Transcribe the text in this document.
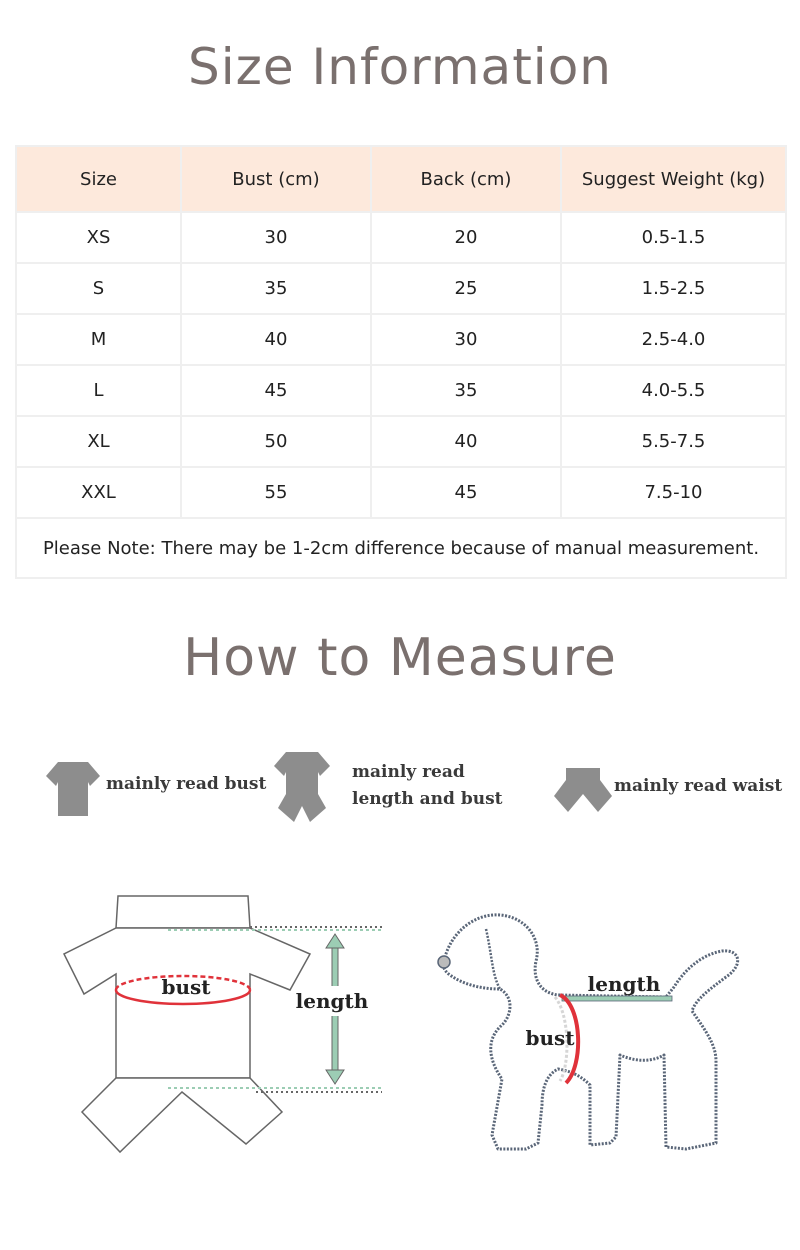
Size Information
Size	Bust (cm)	Back (cm)	Suggest Weight (kg)
XS	30	20	0.5-1.5
S	35	25	1.5-2.5
M	40	30	2.5-4.0
L	45	35	4.0-5.5
XL	50	40	5.5-7.5
XXL	55	45	7.5-10
Please Note: There may be 1-2cm difference because of manual measurement.			
How to Measure
mainly read bust
mainly read
length and bust
mainly read waist
length
bust	length
bust
